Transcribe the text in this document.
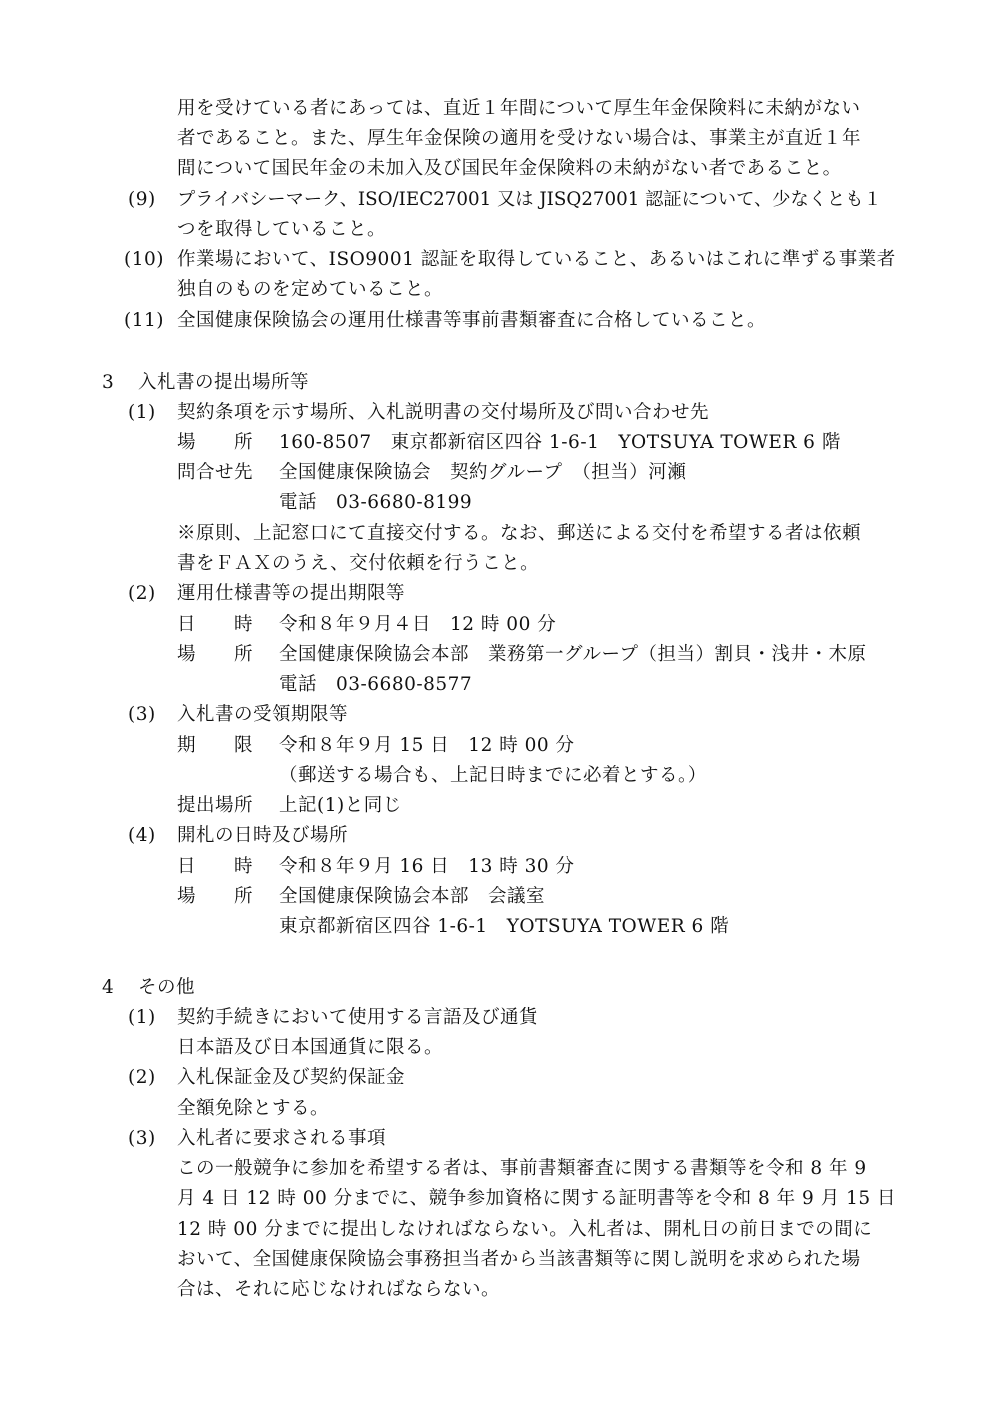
用を受けている者にあっては、直近１年間について厚生年金保険料に未納がない
者であること。また、厚生年金保険の適用を受けない場合は、事業主が直近１年
間について国民年金の未加入及び国民年金保険料の未納がない者であること。
(9) プライバシーマーク、ISO/IEC27001 又は JISQ27001 認証について、少なくとも１
つを取得していること。
(10) 作業場において、ISO9001 認証を取得していること、あるいはこれに準ずる事業者
独自のものを定めていること。
(11) 全国健康保険協会の運用仕様書等事前書類審査に合格していること。
3 入札書の提出場所等
(1) 契約条項を示す場所、入札説明書の交付場所及び問い合わせ先
場　　所 160-8507　東京都新宿区四谷 1-6-1　YOTSUYA TOWER 6 階
問合せ先 全国健康保険協会　契約グループ　（担当）河瀬
電話　03-6680-8199
※原則、上記窓口にて直接交付する。なお、郵送による交付を希望する者は依頼
書をＦＡＸのうえ、交付依頼を行うこと。
(2) 運用仕様書等の提出期限等
日　　時 令和８年９月４日　12 時 00 分
場　　所 全国健康保険協会本部　業務第一グループ（担当）割貝・浅井・木原
電話　03-6680-8577
(3) 入札書の受領期限等
期　　限 令和８年９月 15 日　12 時 00 分
（郵送する場合も、上記日時までに必着とする。）
提出場所 上記(1)と同じ
(4) 開札の日時及び場所
日　　時 令和８年９月 16 日　13 時 30 分
場　　所 全国健康保険協会本部　会議室
東京都新宿区四谷 1-6-1　YOTSUYA TOWER 6 階
4 その他
(1) 契約手続きにおいて使用する言語及び通貨
日本語及び日本国通貨に限る。
(2) 入札保証金及び契約保証金
全額免除とする。
(3) 入札者に要求される事項
この一般競争に参加を希望する者は、事前書類審査に関する書類等を令和 8 年 9
月 4 日 12 時 00 分までに、競争参加資格に関する証明書等を令和 8 年 9 月 15 日
12 時 00 分までに提出しなければならない。入札者は、開札日の前日までの間に
おいて、全国健康保険協会事務担当者から当該書類等に関し説明を求められた場
合は、それに応じなければならない。
